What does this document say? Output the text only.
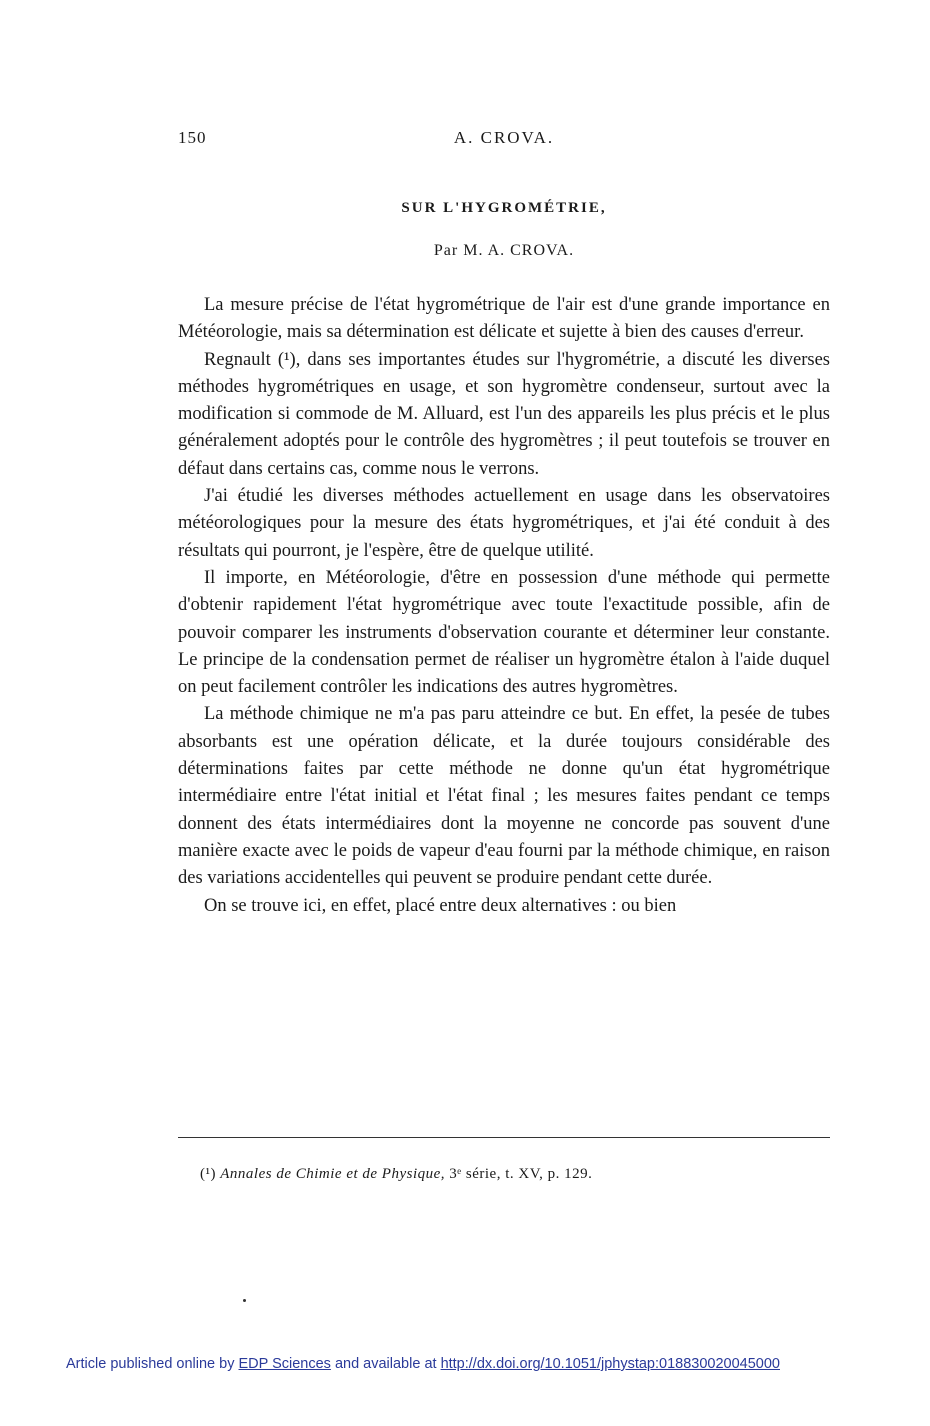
150	A. CROVA.
SUR L'HYGROMÉTRIE,
Par M. A. CROVA.

La mesure précise de l'état hygrométrique de l'air est d'une grande importance en Météorologie, mais sa détermination est délicate et sujette à bien des causes d'erreur.

Regnault (¹), dans ses importantes études sur l'hygrométrie, a discuté les diverses méthodes hygrométriques en usage, et son hygromètre condenseur, surtout avec la modification si commode de M. Alluard, est l'un des appareils les plus précis et le plus généralement adoptés pour le contrôle des hygromètres ; il peut toutefois se trouver en défaut dans certains cas, comme nous le verrons.

J'ai étudié les diverses méthodes actuellement en usage dans les observatoires météorologiques pour la mesure des états hygrométriques, et j'ai été conduit à des résultats qui pourront, je l'espère, être de quelque utilité.

Il importe, en Météorologie, d'être en possession d'une méthode qui permette d'obtenir rapidement l'état hygrométrique avec toute l'exactitude possible, afin de pouvoir comparer les instruments d'observation courante et déterminer leur constante. Le principe de la condensation permet de réaliser un hygromètre étalon à l'aide duquel on peut facilement contrôler les indications des autres hygromètres.

La méthode chimique ne m'a pas paru atteindre ce but. En effet, la pesée de tubes absorbants est une opération délicate, et la durée toujours considérable des déterminations faites par cette méthode ne donne qu'un état hygrométrique intermédiaire entre l'état initial et l'état final ; les mesures faites pendant ce temps donnent des états intermédiaires dont la moyenne ne concorde pas souvent d'une manière exacte avec le poids de vapeur d'eau fourni par la méthode chimique, en raison des variations accidentelles qui peuvent se produire pendant cette durée.

On se trouve ici, en effet, placé entre deux alternatives : ou bien

(¹) Annales de Chimie et de Physique, 3ᵉ série, t. XV, p. 129.
Article published online by EDP Sciences and available at http://dx.doi.org/10.1051/jphystap:018830020045000
